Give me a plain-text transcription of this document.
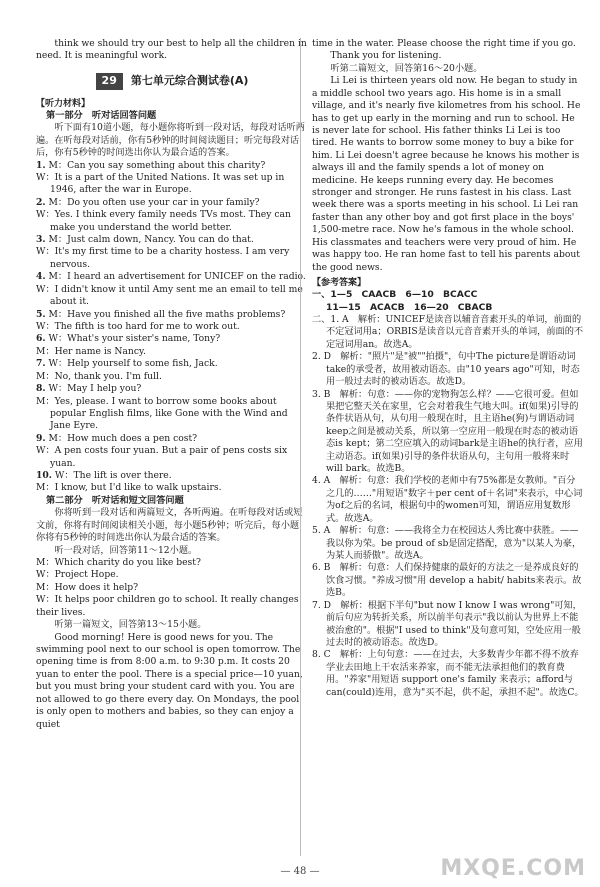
think we should try our best to help all the children in need. It is meaningful work.

29	第七单元综合测试卷(A)

【听力材料】

第一部分　听对话回答问题

听下面有10道小题，每小题你将听到一段对话，每段对话听两遍。在听每段对话前，你有5秒钟的时间阅读题目；听完每段对话后，你有5秒钟的时间选出你认为最合适的答案。

1. M：Can you say something about this charity?

W：It is a part of the United Nations. It was set up in 1946, after the war in Europe.

2. M：Do you often use your car in your family?

W：Yes. I think every family needs TVs most. They can make you understand the world better.

3. M：Just calm down, Nancy. You can do that.

W：It's my first time to be a charity hostess. I am very nervous.

4. M：I heard an advertisement for UNICEF on the radio.

W：I didn't know it until Amy sent me an email to tell me about it.

5. M：Have you finished all the five maths problems?

W：The fifth is too hard for me to work out.

6. W：What's your sister's name, Tony?

M：Her name is Nancy.

7. W：Help yourself to some fish, Jack.

M：No, thank you. I'm full.

8. W：May I help you?

M：Yes, please. I want to borrow some books about popular English films, like Gone with the Wind and Jane Eyre.

9. M：How much does a pen cost?

W：A pen costs four yuan. But a pair of pens costs six yuan.

10. W：The lift is over there.

M：I know, but I'd like to walk upstairs.

第二部分　听对话和短文回答问题

你将听到一段对话和两篇短文，各听两遍。在听每段对话或短文前，你将有时间阅读相关小题，每小题5秒钟；听完后，每小题你将有5秒钟的时间选出你认为最合适的答案。

听一段对话，回答第11～12小题。

M：Which charity do you like best?

W：Project Hope.

M：How does it help?

W：It helps poor children go to school. It really changes their lives.

听第一篇短文，回答第13～15小题。

Good morning! Here is good news for you. The swimming pool next to our school is open tomorrow. The opening time is from 8:00 a.m. to 9:30 p.m. It costs 20 yuan to enter the pool. There is a special price—10 yuan, but you must bring your student card with you. You are not allowed to go there every day. On Mondays, the pool is only open to mothers and babies, so they can enjoy a quiet

time in the water. Please choose the right time if you go.

Thank you for listening.

听第二篇短文，回答第16～20小题。

Li Lei is thirteen years old now. He began to study in a middle school two years ago. His home is in a small village, and it's nearly five kilometres from his school. He has to get up early in the morning and run to school. He is never late for school. His father thinks Li Lei is too tired. He wants to borrow some money to buy a bike for him. Li Lei doesn't agree because he knows his mother is always ill and the family spends a lot of money on medicine. He keeps running every day. He becomes stronger and stronger. He runs fastest in his class. Last week there was a sports meeting in his school. Li Lei ran faster than any other boy and got first place in the boys' 1,500-metre race. Now he's famous in the whole school. His classmates and teachers were very proud of him. He was happy too. He ran home fast to tell his parents about the good news.

【参考答案】

一、1—5　CAACB　6—10　BCACC

11—15　ACACB　16—20　CBACB

二、1. A　解析：UNICEF是读音以辅音音素开头的单词，前面的不定冠词用a；ORBIS是读音以元音音素开头的单词，前面的不定冠词用an。故选A。

2. D　解析："照片"是"被""拍摄"，句中The picture是谓语动词take的承受者，故用被动语态。由"10 years ago"可知，时态用一般过去时的被动语态。故选D。

3. B　解析：句意：——你的宠物狗怎么样？——它很可爱。但如果把它整天关在家里，它会对着我生气地大叫。if(如果)引导的条件状语从句，从句用一般现在时，且主语he(狗)与谓语动词keep之间是被动关系，所以第一空应用一般现在时态的被动语态is kept；第二空应填入的动词bark是主语he的执行者，应用主动语态。if(如果)引导的条件状语从句，主句用一般将来时will bark。故选B。

4. A　解析：句意：我们学校的老师中有75%都是女教师。"百分之几的……"用短语"数字＋per cent of＋名词"来表示，中心词为of之后的名词，根据句中的women可知，谓语应用复数形式。故选A。

5. A　解析：句意：——我将全力在校园达人秀比赛中获胜。——我以你为荣。be proud of sb是固定搭配，意为"以某人为豪，为某人而骄傲"。故选A。

6. B　解析：句意：人们保持健康的最好的方法之一是养成良好的饮食习惯。"养成习惯"用 develop a habit/ habits来表示。故选B。

7. D　解析：根据下半句"but now I know I was wrong"可知，前后句应为转折关系，所以前半句表示"我以前认为世界上不能被治愈的"。根据"I used to think"及句意可知，空处应用一般过去时的被动语态。故选D。

8. C　解析：上句句意：——在过去，大多数青少年都不得不放弃学业去田地上干农活来养家，而不能无法承担他们的教育费用。"养家"用短语 support one's family 来表示；afford与can(could)连用，意为"买不起，供不起，承担不起"。故选C。

— 48 —	MXQE.COM
